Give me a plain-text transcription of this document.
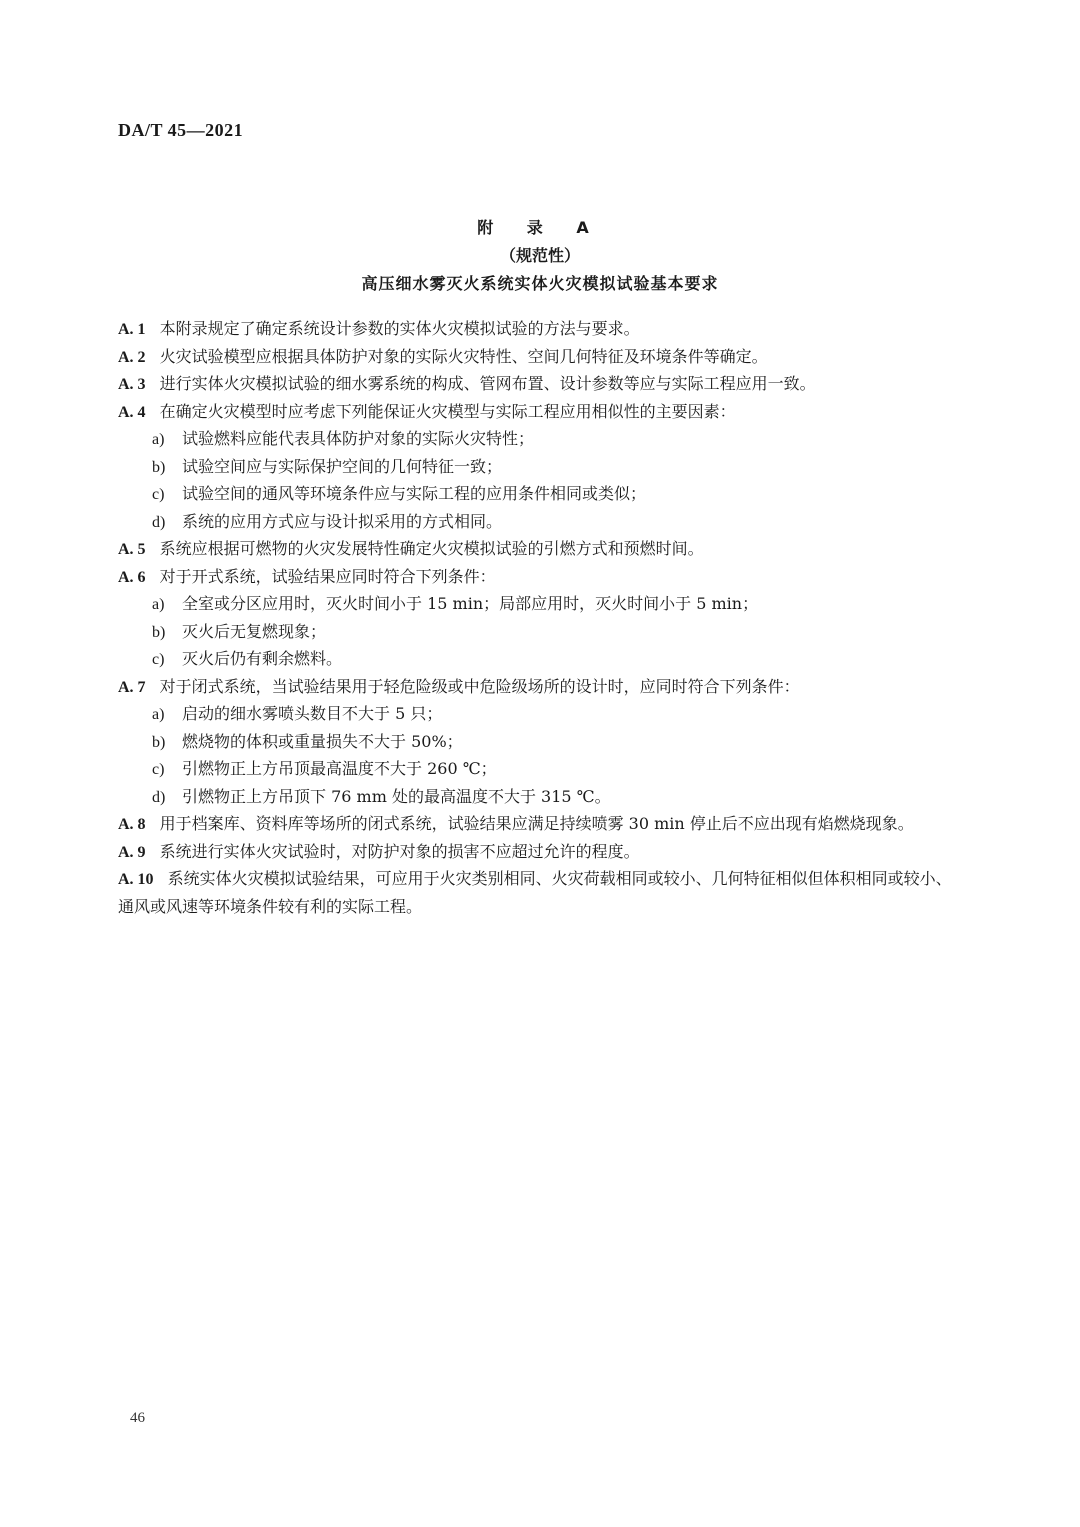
DA/T 45—2021
附 录 A
（规范性）
高压细水雾灭火系统实体火灾模拟试验基本要求

A. 1 本附录规定了确定系统设计参数的实体火灾模拟试验的方法与要求。

A. 2 火灾试验模型应根据具体防护对象的实际火灾特性、空间几何特征及环境条件等确定。

A. 3 进行实体火灾模拟试验的细水雾系统的构成、管网布置、设计参数等应与实际工程应用一致。

A. 4 在确定火灾模型时应考虑下列能保证火灾模型与实际工程应用相似性的主要因素：

a) 试验燃料应能代表具体防护对象的实际火灾特性；

b) 试验空间应与实际保护空间的几何特征一致；

c) 试验空间的通风等环境条件应与实际工程的应用条件相同或类似；

d) 系统的应用方式应与设计拟采用的方式相同。

A. 5 系统应根据可燃物的火灾发展特性确定火灾模拟试验的引燃方式和预燃时间。

A. 6 对于开式系统，试验结果应同时符合下列条件：

a) 全室或分区应用时，灭火时间小于 15 min；局部应用时，灭火时间小于 5 min；

b) 灭火后无复燃现象；

c) 灭火后仍有剩余燃料。

A. 7 对于闭式系统，当试验结果用于轻危险级或中危险级场所的设计时，应同时符合下列条件：

a) 启动的细水雾喷头数目不大于 5 只；

b) 燃烧物的体积或重量损失不大于 50%；

c) 引燃物正上方吊顶最高温度不大于 260 ℃；

d) 引燃物正上方吊顶下 76 mm 处的最高温度不大于 315 ℃。

A. 8 用于档案库、资料库等场所的闭式系统，试验结果应满足持续喷雾 30 min 停止后不应出现有焰燃烧现象。

A. 9 系统进行实体火灾试验时，对防护对象的损害不应超过允许的程度。

A. 10 系统实体火灾模拟试验结果，可应用于火灾类别相同、火灾荷载相同或较小、几何特征相似但体积相同或较小、通风或风速等环境条件较有利的实际工程。

46
